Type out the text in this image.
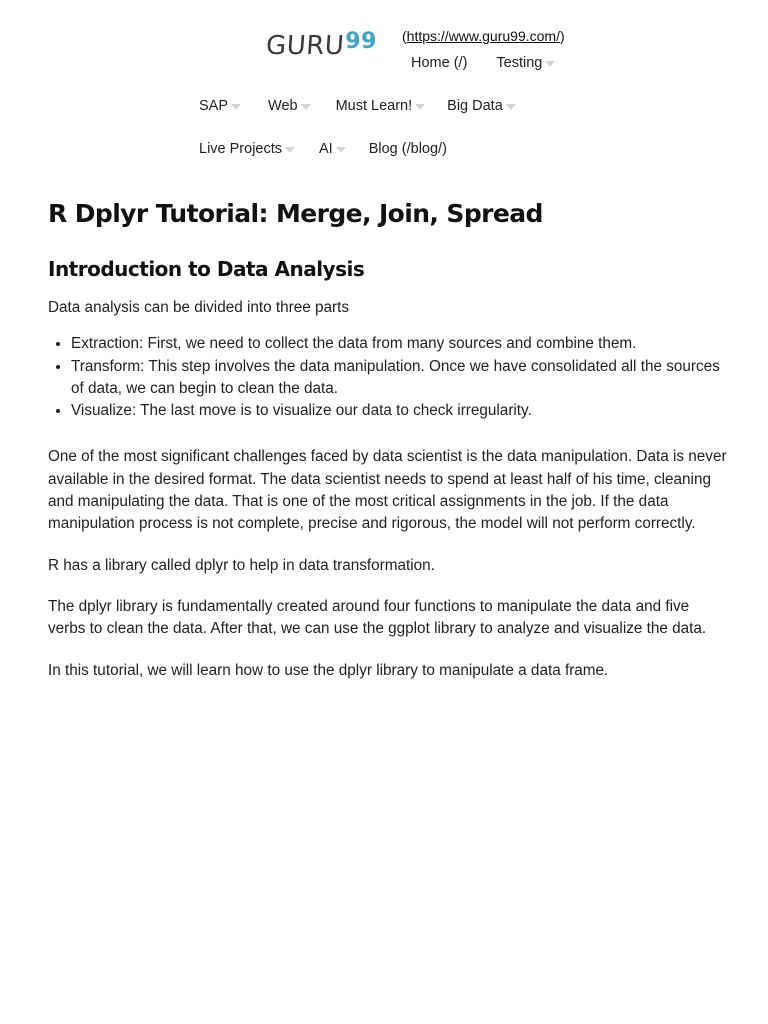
GURU 99 (https://www.guru99.com/)
Home (/) Testing
SAP	Web	Must Learn! Big Data
Live Projects	AI Blog (/blog/)
R Dplyr Tutorial: Merge, Join, Spread
Introduction to Data Analysis

Data analysis can be divided into three parts

• Extraction: First, we need to collect the data from many sources and combine them.
• Transform: This step involves the data manipulation. Once we have consolidated all the sources of data, we can begin to clean the data.
• Visualize: The last move is to visualize our data to check irregularity.

One of the most significant challenges faced by data scientist is the data manipulation. Data is never available in the desired format. The data scientist needs to spend at least half of his time, cleaning and manipulating the data. That is one of the most critical assignments in the job. If the data manipulation process is not complete, precise and rigorous, the model will not perform correctly.

R has a library called dplyr to help in data transformation.

The dplyr library is fundamentally created around four functions to manipulate the data and five verbs to clean the data. After that, we can use the ggplot library to analyze and visualize the data.

In this tutorial, we will learn how to use the dplyr library to manipulate a data frame.
